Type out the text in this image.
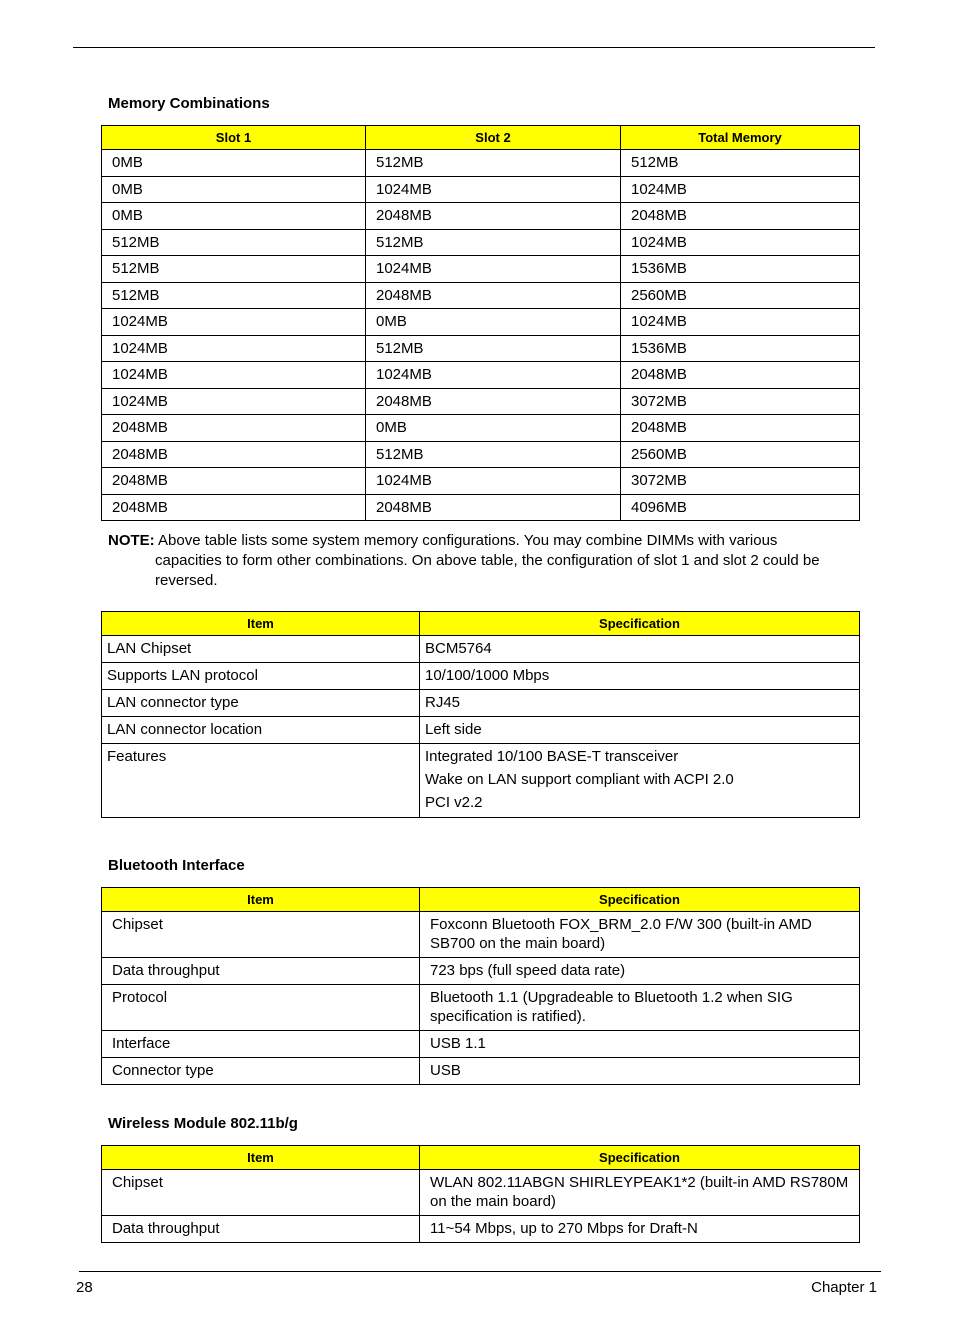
Memory Combinations
Slot 1	Slot 2	Total Memory
0MB	512MB	512MB
0MB	1024MB	1024MB
0MB	2048MB	2048MB
512MB	512MB	1024MB
512MB	1024MB	1536MB
512MB	2048MB	2560MB
1024MB	0MB	1024MB
1024MB	512MB	1536MB
1024MB	1024MB	2048MB
1024MB	2048MB	3072MB
2048MB	0MB	2048MB
2048MB	512MB	2560MB
2048MB	1024MB	3072MB
2048MB	2048MB	4096MB
NOTE: Above table lists some system memory configurations. You may combine DIMMs with various
capacities to form other combinations. On above table, the configuration of slot 1 and slot 2 could be reversed.
Item	Specification
LAN Chipset	BCM5764
Supports LAN protocol	10/100/1000 Mbps
LAN connector type	RJ45
LAN connector location	Left side
Features	Integrated 10/100 BASE-T transceiver
Wake on LAN support compliant with ACPI 2.0
PCI v2.2
Bluetooth Interface
Item	Specification
Chipset	Foxconn Bluetooth FOX_BRM_2.0 F/W 300 (built-in AMD SB700 on the main board)
Data throughput	723 bps (full speed data rate)
Protocol	Bluetooth 1.1 (Upgradeable to Bluetooth 1.2 when SIG specification is ratified).
Interface	USB 1.1
Connector type	USB
Wireless Module 802.11b/g
Item	Specification
Chipset	WLAN 802.11ABGN SHIRLEYPEAK1*2 (built-in AMD RS780M on the main board)
Data throughput	11~54 Mbps, up to 270 Mbps for Draft-N
28	Chapter 1
